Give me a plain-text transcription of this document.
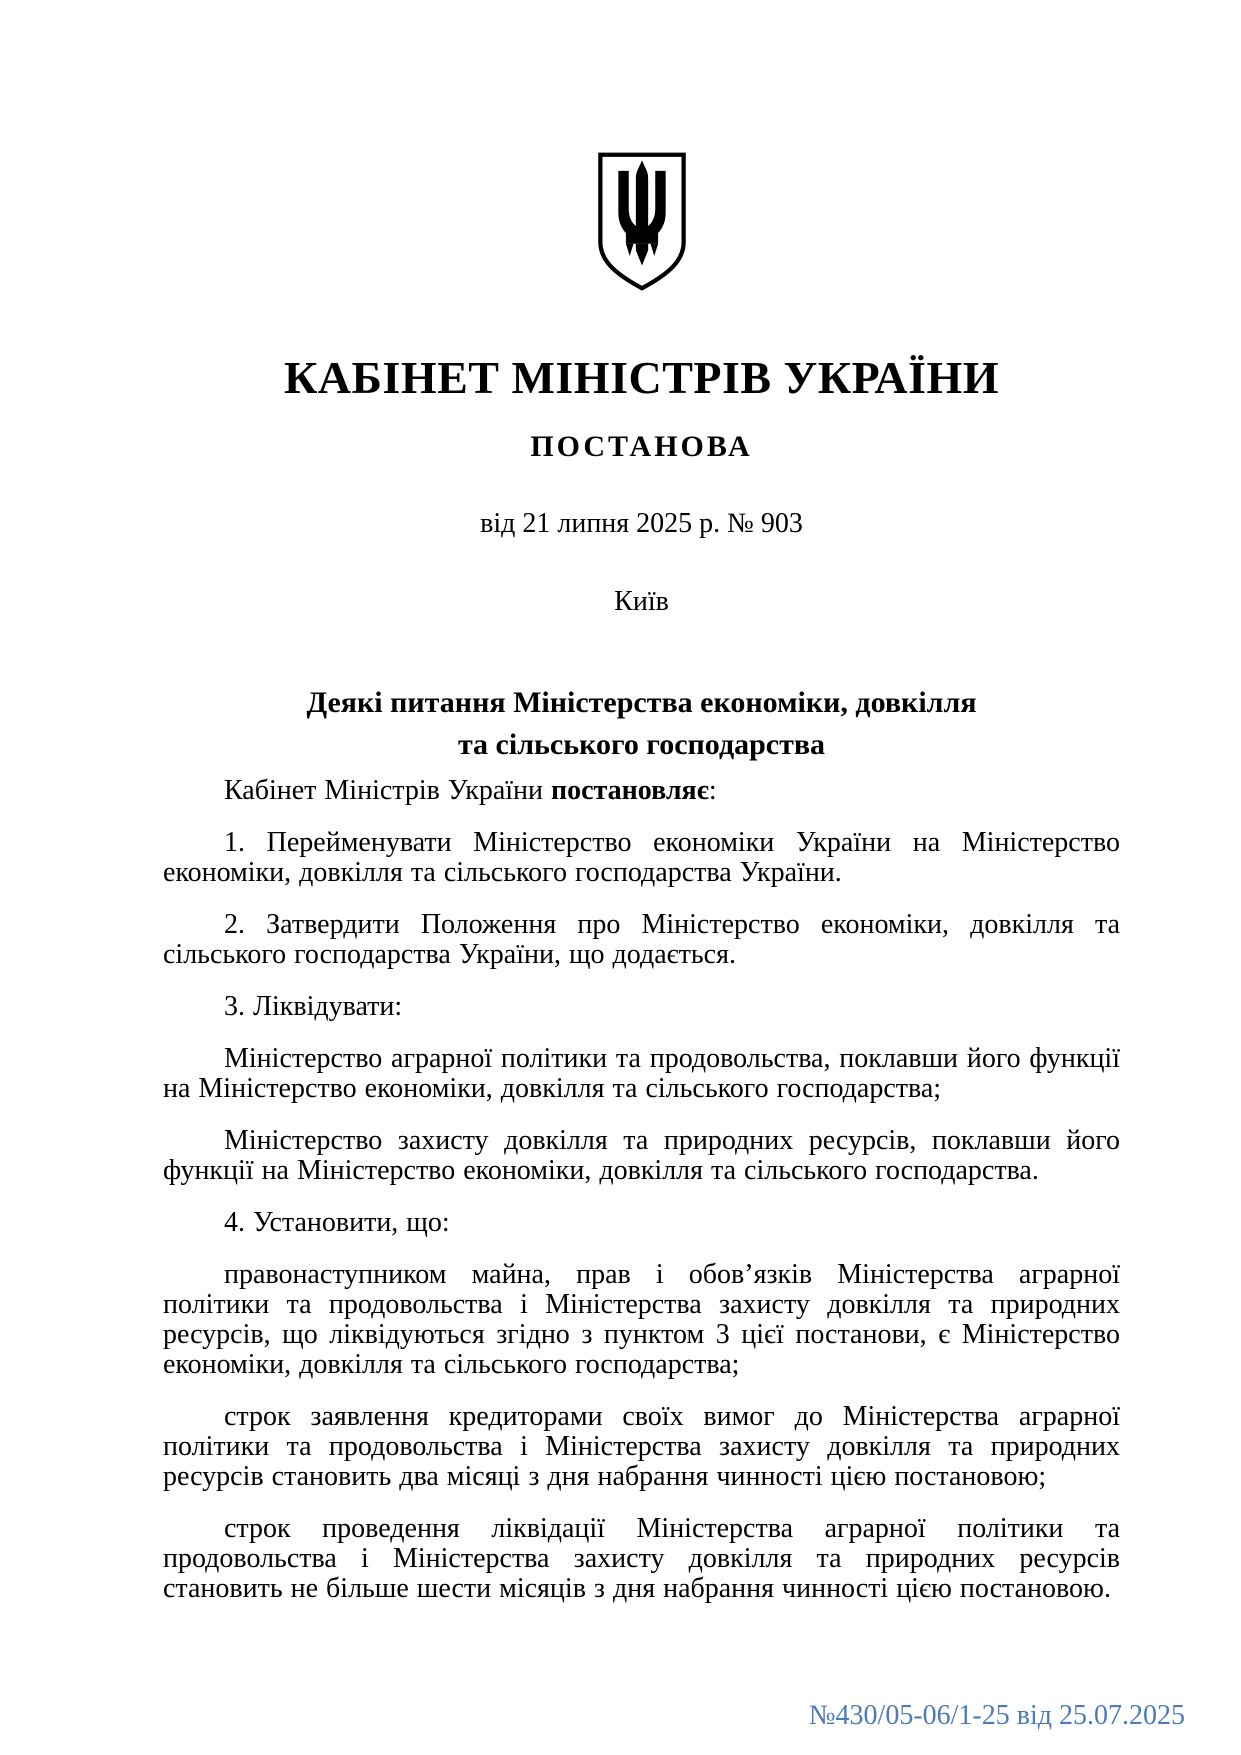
КАБІНЕТ МІНІСТРІВ УКРАЇНИ
ПОСТАНОВА
від 21 липня 2025 р. № 903
Київ
Деякі питання Міністерства економіки, довкілля
та сільського господарства

Кабінет Міністрів України постановляє:

1. Перейменувати Міністерство економіки України на Міністерство економіки, довкілля та сільського господарства України.

2. Затвердити Положення про Міністерство економіки, довкілля та сільського господарства України, що додається.

3. Ліквідувати:

Міністерство аграрної політики та продовольства, поклавши його функції на Міністерство економіки, довкілля та сільського господарства;

Міністерство захисту довкілля та природних ресурсів, поклавши його функції на Міністерство економіки, довкілля та сільського господарства.

4. Установити, що:

правонаступником майна, прав і обов’язків Міністерства аграрної політики та продовольства і Міністерства захисту довкілля та природних ресурсів, що ліквідуються згідно з пунктом 3 цієї постанови, є Міністерство економіки, довкілля та сільського господарства;

строк заявлення кредиторами своїх вимог до Міністерства аграрної політики та продовольства і Міністерства захисту довкілля та природних ресурсів становить два місяці з дня набрання чинності цією постановою;

строк проведення ліквідації Міністерства аграрної політики та продовольства і Міністерства захисту довкілля та природних ресурсів становить не більше шести місяців з дня набрання чинності цією постановою.

№430/05-06/1-25 від 25.07.2025
